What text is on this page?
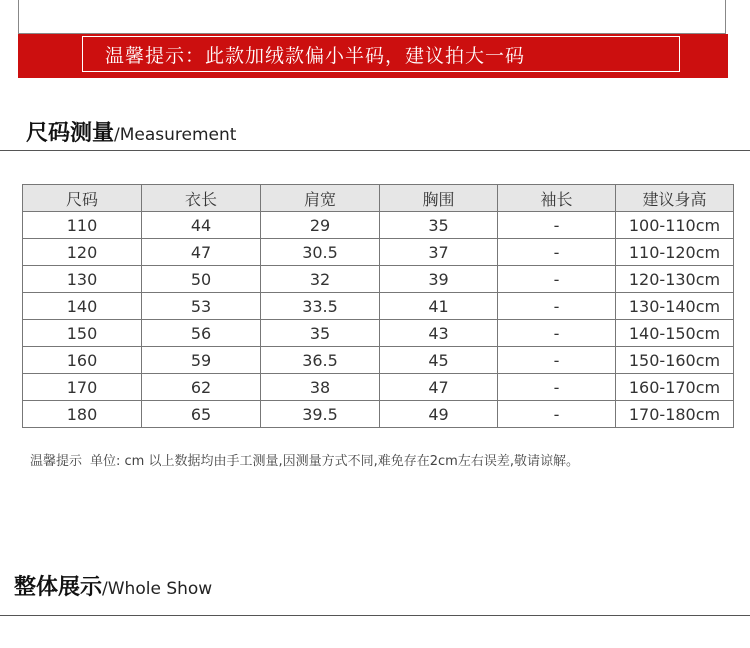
温馨提示：此款加绒款偏小半码，建议拍大一码
尺码测量 /Measurement
尺码	衣长	肩宽	胸围	袖长	建议身高
110	44	29	35	-	100-110cm
120	47	30.5	37	-	110-120cm
130	50	32	39	-	120-130cm
140	53	33.5	41	-	130-140cm
150	56	35	43	-	140-150cm
160	59	36.5	45	-	150-160cm
170	62	38	47	-	160-170cm
180	65	39.5	49	-	170-180cm
温馨提示 单位: cm 以上数据均由手工测量,因测量方式不同,难免存在2cm左右误差,敬请谅解。
整体展示 /Whole Show
